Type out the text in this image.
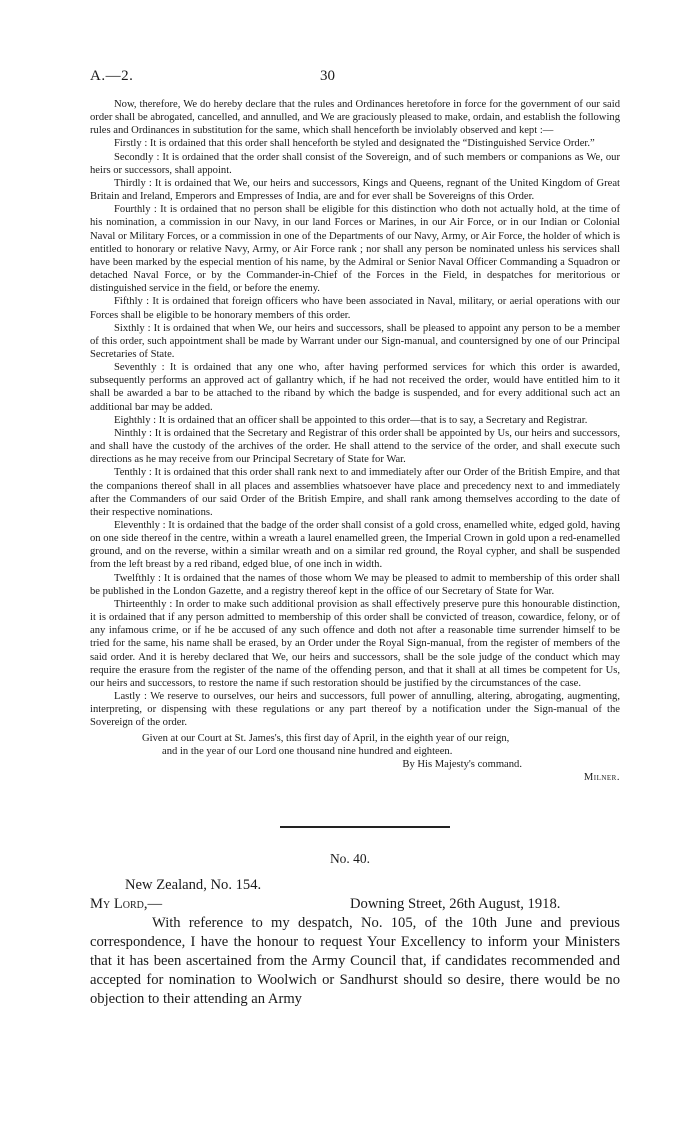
A.—2.	30

Now, therefore, We do hereby declare that the rules and Ordinances heretofore in force for the government of our said order shall be abrogated, cancelled, and annulled, and We are graciously pleased to make, ordain, and establish the following rules and Ordinances in substitution for the same, which shall henceforth be inviolably observed and kept :—

Firstly : It is ordained that this order shall henceforth be styled and designated the “Distinguished Service Order.”

Secondly : It is ordained that the order shall consist of the Sovereign, and of such members or companions as We, our heirs or successors, shall appoint.

Thirdly : It is ordained that We, our heirs and successors, Kings and Queens, regnant of the United Kingdom of Great Britain and Ireland, Emperors and Empresses of India, are and for ever shall be Sovereigns of this Order.

Fourthly : It is ordained that no person shall be eligible for this distinction who doth not actually hold, at the time of his nomination, a commission in our Navy, in our land Forces or Marines, in our Air Force, or in our Indian or Colonial Naval or Military Forces, or a commission in one of the Departments of our Navy, Army, or Air Force, the holder of which is entitled to honorary or relative Navy, Army, or Air Force rank ; nor shall any person be nominated unless his services shall have been marked by the especial mention of his name, by the Admiral or Senior Naval Officer Commanding a Squadron or detached Naval Force, or by the Commander-in-Chief of the Forces in the Field, in despatches for meritorious or distinguished service in the field, or before the enemy.

Fifthly : It is ordained that foreign officers who have been associated in Naval, military, or aerial operations with our Forces shall be eligible to be honorary members of this order.

Sixthly : It is ordained that when We, our heirs and successors, shall be pleased to appoint any person to be a member of this order, such appointment shall be made by Warrant under our Sign-manual, and countersigned by one of our Principal Secretaries of State.

Seventhly : It is ordained that any one who, after having performed services for which this order is awarded, subsequently performs an approved act of gallantry which, if he had not received the order, would have entitled him to it shall be awarded a bar to be attached to the riband by which the badge is suspended, and for every additional such act an additional bar may be added.

Eighthly : It is ordained that an officer shall be appointed to this order—that is to say, a Secretary and Registrar.

Ninthly : It is ordained that the Secretary and Registrar of this order shall be appointed by Us, our heirs and successors, and shall have the custody of the archives of the order. He shall attend to the service of the order, and shall execute such directions as he may receive from our Principal Secretary of State for War.

Tenthly : It is ordained that this order shall rank next to and immediately after our Order of the British Empire, and that the companions thereof shall in all places and assemblies whatsoever have place and precedency next to and immediately after the Commanders of our said Order of the British Empire, and shall rank among themselves according to the date of their respective nominations.

Eleventhly : It is ordained that the badge of the order shall consist of a gold cross, enamelled white, edged gold, having on one side thereof in the centre, within a wreath a laurel enamelled green, the Imperial Crown in gold upon a red-enamelled ground, and on the reverse, within a similar wreath and on a similar red ground, the Royal cypher, and shall be suspended from the left breast by a red riband, edged blue, of one inch in width.

Twelfthly : It is ordained that the names of those whom We may be pleased to admit to membership of this order shall be published in the London Gazette, and a registry thereof kept in the office of our Secretary of State for War.

Thirteenthly : In order to make such additional provision as shall effectively preserve pure this honourable distinction, it is ordained that if any person admitted to membership of this order shall be convicted of treason, cowardice, felony, or of any infamous crime, or if he be accused of any such offence and doth not after a reasonable time surrender himself to be tried for the same, his name shall be erased, by an Order under the Royal Sign-manual, from the register of members of the said order. And it is hereby declared that We, our heirs and successors, shall be the sole judge of the conduct which may require the erasure from the register of the name of the offending person, and that it shall at all times be competent for Us, our heirs and successors, to restore the name if such restoration should be justified by the circumstances of the case.

Lastly : We reserve to ourselves, our heirs and successors, full power of annulling, altering, abrogating, augmenting, interpreting, or dispensing with these regulations or any part thereof by a notification under the Sign-manual of the Sovereign of the order.

Given at our Court at St. James's, this first day of April, in the eighth year of our reign,
and in the year of our Lord one thousand nine hundred and eighteen.
By His Majesty's command.
Milner.
No. 40.
New Zealand, No. 154.
My Lord,—	Downing Street, 26th August, 1918.
With reference to my despatch, No. 105, of the 10th June and previous correspondence, I have the honour to request Your Excellency to inform your Ministers that it has been ascertained from the Army Council that, if candidates recommended and accepted for nomination to Woolwich or Sandhurst should so desire, there would be no objection to their attending an Army
